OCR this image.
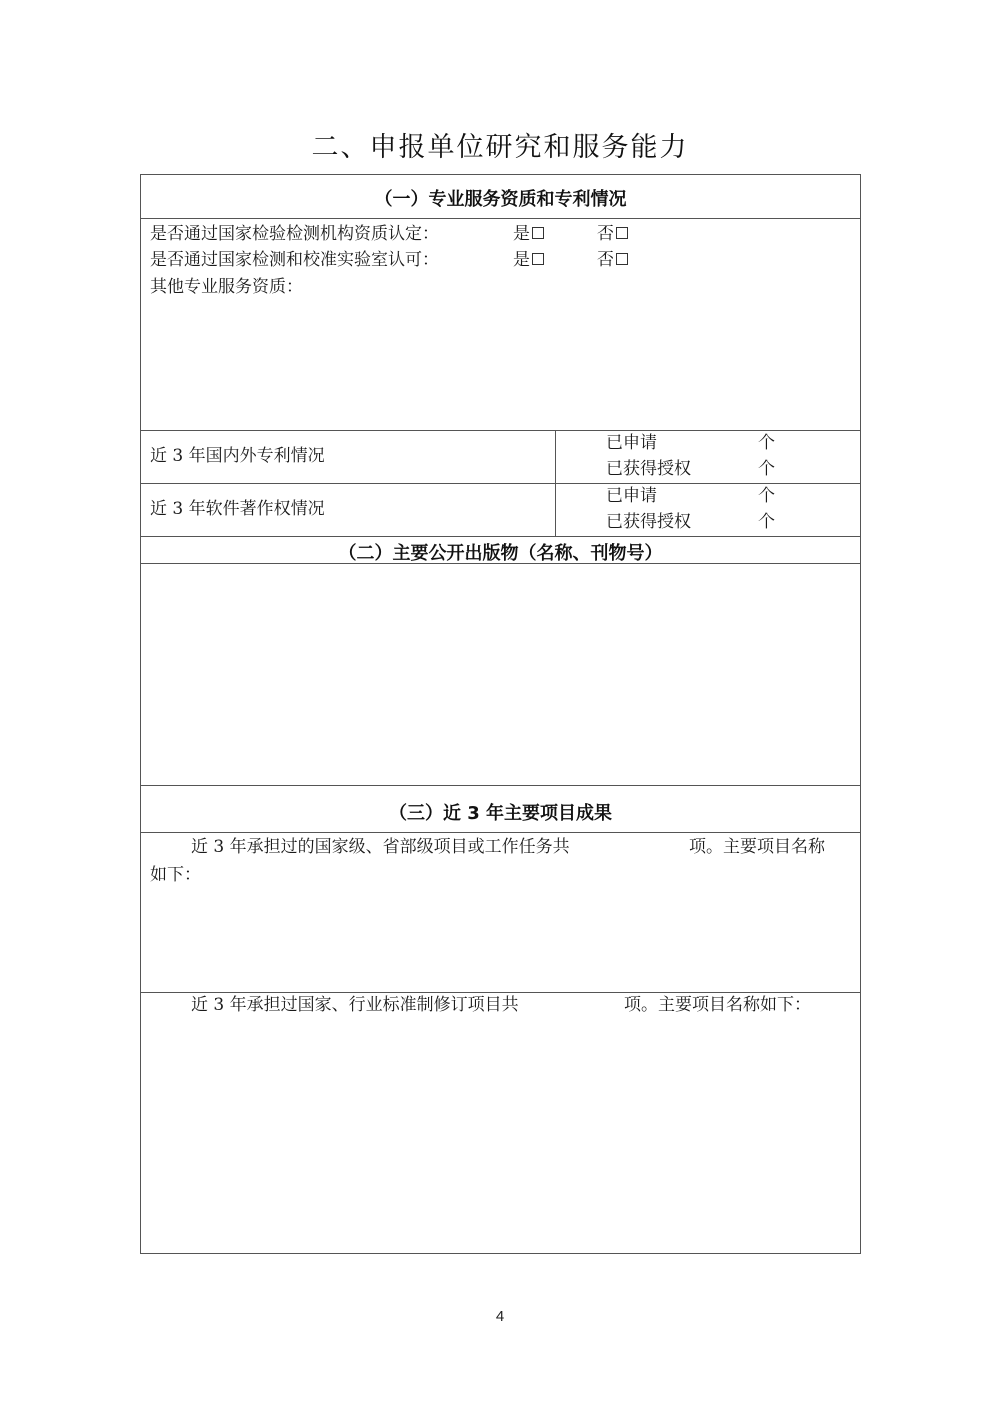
二、申报单位研究和服务能力
（一）专业服务资质和专利情况
是否通过国家检验检测机构资质认定：	是	否
是否通过国家检测和校准实验室认可：	是	否
其他专业服务资质：
近 3 年国内外专利情况
已申请	个
已获得授权	个
近 3 年软件著作权情况
已申请	个
已获得授权	个
（二）主要公开出版物（名称、刊物号）
（三）近 3 年主要项目成果
近 3 年承担过的国家级、省部级项目或工作任务共	项。主要项目名称
如下：
近 3 年承担过国家、行业标准制修订项目共	项。主要项目名称如下：
4
